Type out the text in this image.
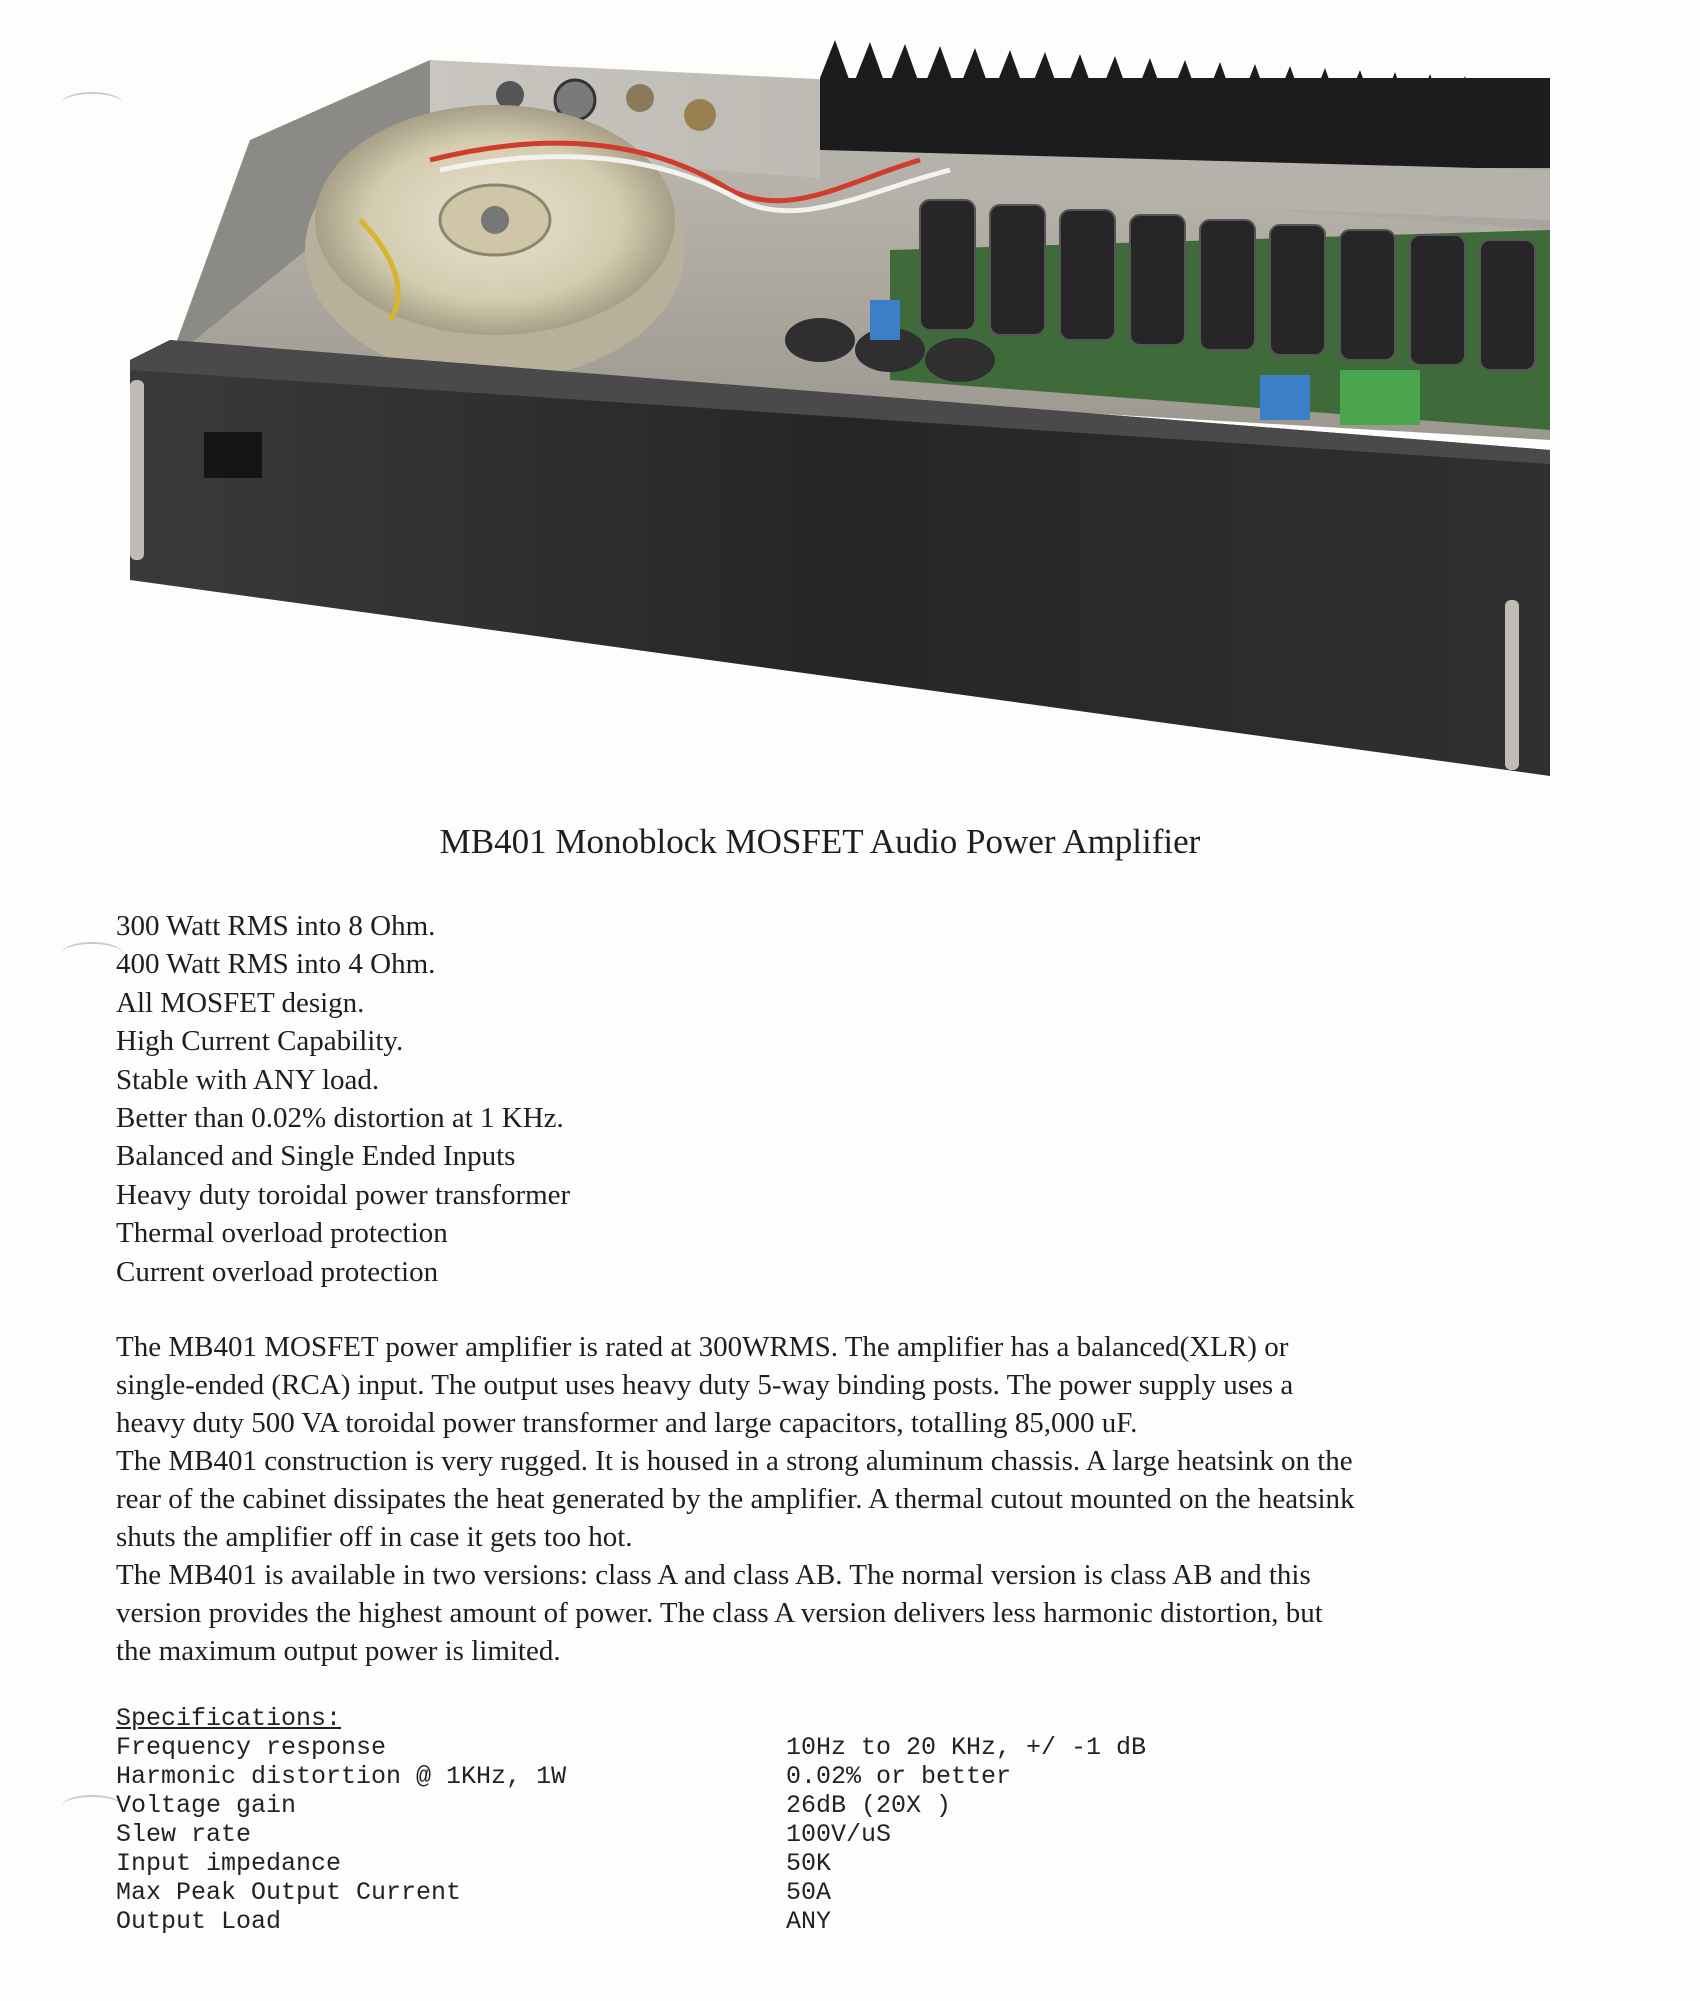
MB401 Monoblock MOSFET Audio Power Amplifier
300 Watt RMS into 8 Ohm.
400 Watt RMS into 4 Ohm.
All MOSFET design.
High Current Capability.
Stable with ANY load.
Better than 0.02% distortion at 1 KHz.
Balanced and Single Ended Inputs
Heavy duty toroidal power transformer
Thermal overload protection
Current overload protection

The MB401 MOSFET power amplifier is rated at 300WRMS. The amplifier has a balanced(XLR) or

single-ended (RCA) input. The output uses heavy duty 5-way binding posts. The power supply uses a

heavy duty 500 VA toroidal power transformer and large capacitors, totalling 85,000 uF.

The MB401 construction is very rugged. It is housed in a strong aluminum chassis. A large heatsink on the

rear of the cabinet dissipates the heat generated by the amplifier. A thermal cutout mounted on the heatsink

shuts the amplifier off in case it gets too hot.

The MB401 is available in two versions: class A and class AB. The normal version is class AB and this

version provides the highest amount of power. The class A version delivers less harmonic distortion, but

the maximum output power is limited.

Specifications:
Frequency response	10Hz to 20 KHz, +/ -1 dB
Harmonic distortion @ 1KHz, 1W	0.02% or better
Voltage gain	26dB (20X )
Slew rate	100V/uS
Input impedance	50K
Max Peak Output Current	50A
Output Load	ANY
